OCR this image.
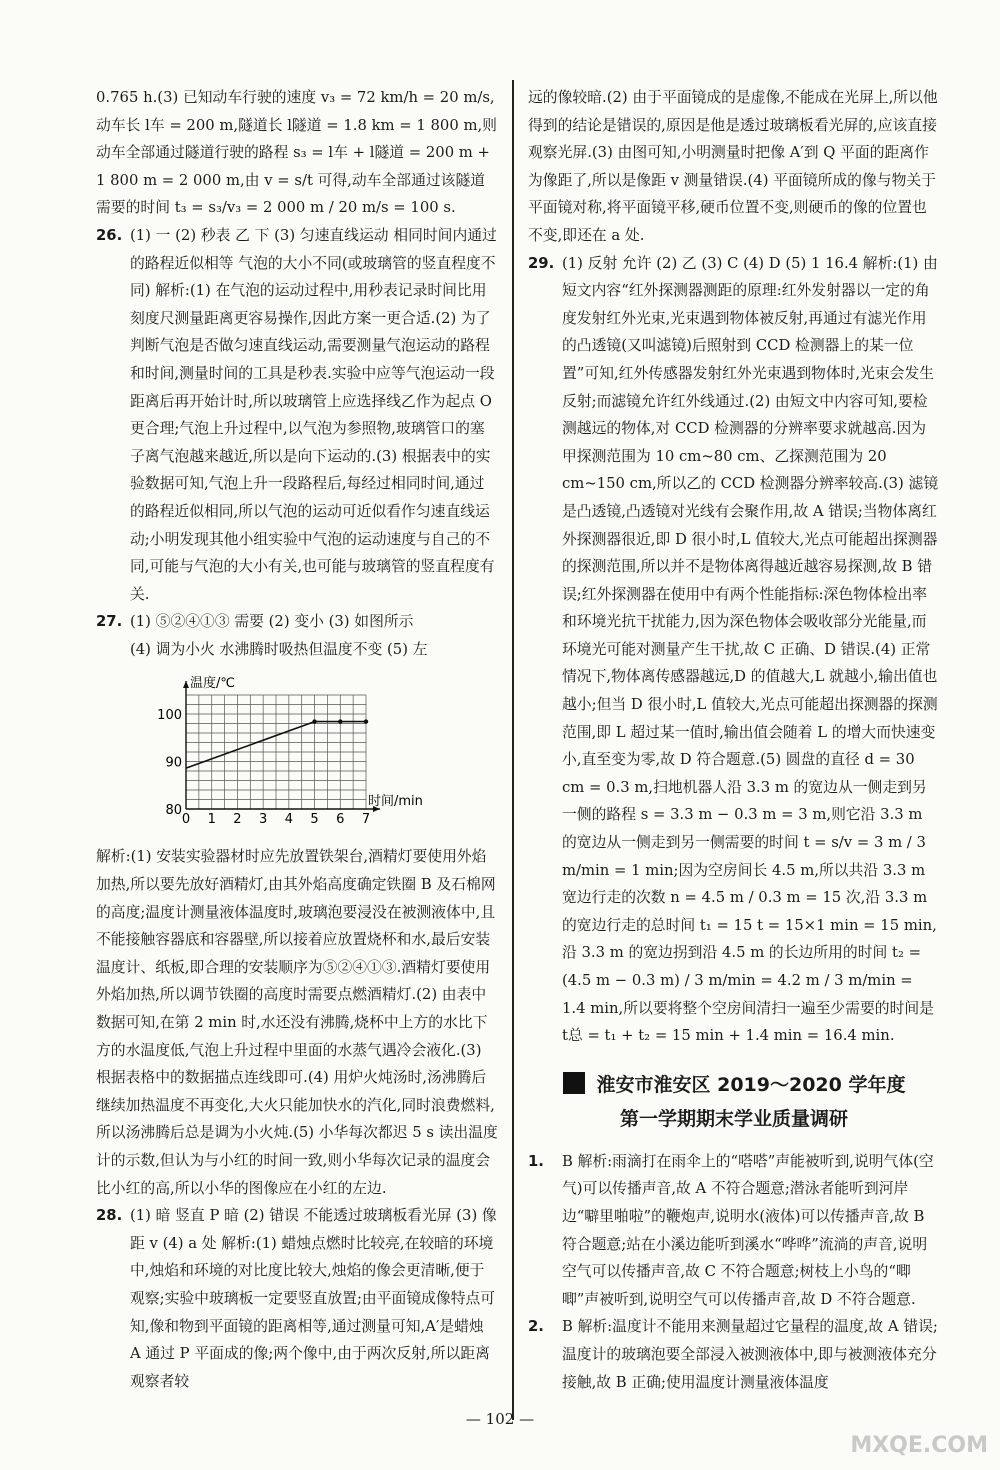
0.765 h.(3) 已知动车行驶的速度 v₃ = 72 km/h = 20 m/s,动车长 l车 = 200 m,隧道长 l隧道 = 1.8 km = 1 800 m,则动车全部通过隧道行驶的路程 s₃ = l车 + l隧道 = 200 m + 1 800 m = 2 000 m,由 v = s/t 可得,动车全部通过该隧道需要的时间 t₃ = s₃/v₃ = 2 000 m / 20 m/s = 100 s.

26. (1) 一 (2) 秒表 乙 下 (3) 匀速直线运动 相同时间内通过的路程近似相等 气泡的大小不同(或玻璃管的竖直程度不同) 解析:(1) 在气泡的运动过程中,用秒表记录时间比用刻度尺测量距离更容易操作,因此方案一更合适.(2) 为了判断气泡是否做匀速直线运动,需要测量气泡运动的路程和时间,测量时间的工具是秒表.实验中应等气泡运动一段距离后再开始计时,所以玻璃管上应选择线乙作为起点 O 更合理;气泡上升过程中,以气泡为参照物,玻璃管口的塞子离气泡越来越近,所以是向下运动的.(3) 根据表中的实验数据可知,气泡上升一段路程后,每经过相同时间,通过的路程近似相同,所以气泡的运动可近似看作匀速直线运动;小明发现其他小组实验中气泡的运动速度与自己的不同,可能与气泡的大小有关,也可能与玻璃管的竖直程度有关.

27. (1) ⑤②④①③ 需要 (2) 变小 (3) 如图所示

(4) 调为小火 水沸腾时吸热但温度不变 (5) 左

0 1 2 3 4 5 6 7
80
90
100
温度/℃
时间/min

解析:(1) 安装实验器材时应先放置铁架台,酒精灯要使用外焰加热,所以要先放好酒精灯,由其外焰高度确定铁圈 B 及石棉网的高度;温度计测量液体温度时,玻璃泡要浸没在被测液体中,且不能接触容器底和容器壁,所以接着应放置烧杯和水,最后安装温度计、纸板,即合理的安装顺序为⑤②④①③.酒精灯要使用外焰加热,所以调节铁圈的高度时需要点燃酒精灯.(2) 由表中数据可知,在第 2 min 时,水还没有沸腾,烧杯中上方的水比下方的水温度低,气泡上升过程中里面的水蒸气遇冷会液化.(3) 根据表格中的数据描点连线即可.(4) 用炉火炖汤时,汤沸腾后继续加热温度不再变化,大火只能加快水的汽化,同时浪费燃料,所以汤沸腾后总是调为小火炖.(5) 小华每次都迟 5 s 读出温度计的示数,但认为与小红的时间一致,则小华每次记录的温度会比小红的高,所以小华的图像应在小红的左边.

28. (1) 暗 竖直 P 暗 (2) 错误 不能透过玻璃板看光屏 (3) 像距 v (4) a 处 解析:(1) 蜡烛点燃时比较亮,在较暗的环境中,烛焰和环境的对比度比较大,烛焰的像会更清晰,便于观察;实验中玻璃板一定要竖直放置;由平面镜成像特点可知,像和物到平面镜的距离相等,通过测量可知,A′是蜡烛 A 通过 P 平面成的像;两个像中,由于两次反射,所以距离观察者较

远的像较暗.(2) 由于平面镜成的是虚像,不能成在光屏上,所以他得到的结论是错误的,原因是他是透过玻璃板看光屏的,应该直接观察光屏.(3) 由图可知,小明测量时把像 A′到 Q 平面的距离作为像距了,所以是像距 v 测量错误.(4) 平面镜所成的像与物关于平面镜对称,将平面镜平移,硬币位置不变,则硬币的像的位置也不变,即还在 a 处.

29. (1) 反射 允许 (2) 乙 (3) C (4) D (5) 1 16.4 解析:(1) 由短文内容“红外探测器测距的原理:红外发射器以一定的角度发射红外光束,光束遇到物体被反射,再通过有滤光作用的凸透镜(又叫滤镜)后照射到 CCD 检测器上的某一位置”可知,红外传感器发射红外光束遇到物体时,光束会发生反射;而滤镜允许红外线通过.(2) 由短文中内容可知,要检测越远的物体,对 CCD 检测器的分辨率要求就越高.因为甲探测范围为 10 cm~80 cm、乙探测范围为 20 cm~150 cm,所以乙的 CCD 检测器分辨率较高.(3) 滤镜是凸透镜,凸透镜对光线有会聚作用,故 A 错误;当物体离红外探测器很近,即 D 很小时,L 值较大,光点可能超出探测器的探测范围,所以并不是物体离得越近越容易探测,故 B 错误;红外探测器在使用中有两个性能指标:深色物体检出率和环境光抗干扰能力,因为深色物体会吸收部分光能量,而环境光可能对测量产生干扰,故 C 正确、D 错误.(4) 正常情况下,物体离传感器越远,D 的值越大,L 就越小,输出值也越小;但当 D 很小时,L 值较大,光点可能超出探测器的探测范围,即 L 超过某一值时,输出值会随着 L 的增大而快速变小,直至变为零,故 D 符合题意.(5) 圆盘的直径 d = 30 cm = 0.3 m,扫地机器人沿 3.3 m 的宽边从一侧走到另一侧的路程 s = 3.3 m − 0.3 m = 3 m,则它沿 3.3 m 的宽边从一侧走到另一侧需要的时间 t = s/v = 3 m / 3 m/min = 1 min;因为空房间长 4.5 m,所以共沿 3.3 m 宽边行走的次数 n = 4.5 m / 0.3 m = 15 次,沿 3.3 m 的宽边行走的总时间 t₁ = 15 t = 15×1 min = 15 min,沿 3.3 m 的宽边拐到沿 4.5 m 的长边所用的时间 t₂ = (4.5 m − 0.3 m) / 3 m/min = 4.2 m / 3 m/min = 1.4 min,所以要将整个空房间清扫一遍至少需要的时间是 t总 = t₁ + t₂ = 15 min + 1.4 min = 16.4 min.

淮安市淮安区 2019～2020 学年度
第一学期期末学业质量调研
1. B 解析:雨滴打在雨伞上的“嗒嗒”声能被听到,说明气体(空气)可以传播声音,故 A 不符合题意;潜泳者能听到河岸边“噼里啪啦”的鞭炮声,说明水(液体)可以传播声音,故 B 符合题意;站在小溪边能听到溪水“哗哗”流淌的声音,说明空气可以传播声音,故 C 不符合题意;树枝上小鸟的“唧唧”声被听到,说明空气可以传播声音,故 D 不符合题意.

2. B 解析:温度计不能用来测量超过它量程的温度,故 A 错误;温度计的玻璃泡要全部浸入被测液体中,即与被测液体充分接触,故 B 正确;使用温度计测量液体温度

— 102 —
MXQE.COM
